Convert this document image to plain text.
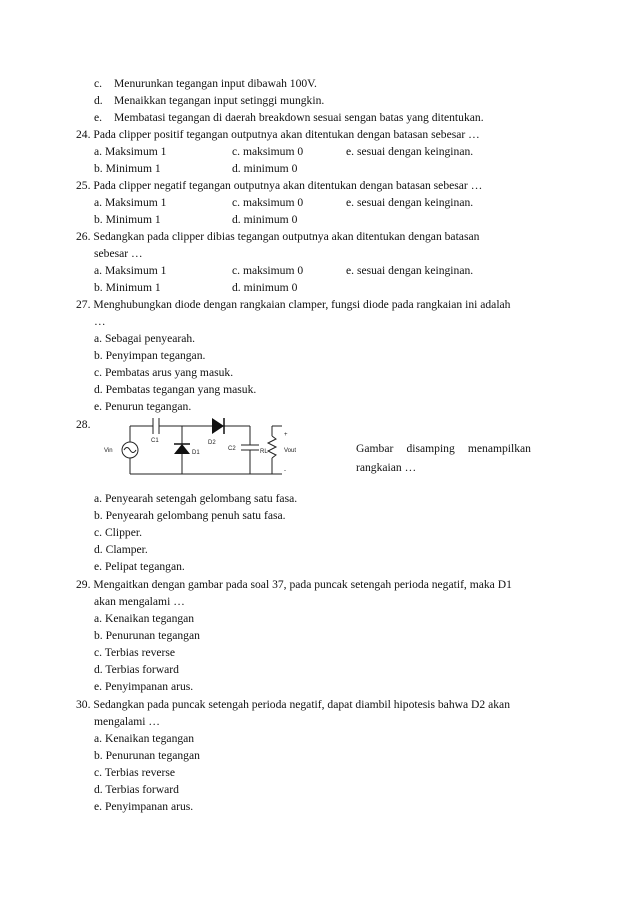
c. Menurunkan tegangan input dibawah 100V.
d. Menaikkan tegangan input setinggi mungkin.
e. Membatasi tegangan di daerah breakdown sesuai sengan batas yang ditentukan.
24. Pada clipper positif tegangan outputnya akan ditentukan dengan batasan sebesar …
a. Maksimum 1	c. maksimum 0	e. sesuai dengan keinginan.
b. Minimum 1	d. minimum 0
25. Pada clipper negatif tegangan outputnya akan ditentukan dengan batasan sebesar …
a. Maksimum 1	c. maksimum 0	e. sesuai dengan keinginan.
b. Minimum 1	d. minimum 0
26. Sedangkan pada clipper dibias tegangan outputnya akan ditentukan dengan batasan
sebesar …
a. Maksimum 1	c. maksimum 0	e. sesuai dengan keinginan.
b. Minimum 1	d. minimum 0
27. Menghubungkan diode dengan rangkaian clamper, fungsi diode pada rangkaian ini adalah
…
a. Sebagai penyearah.
b. Penyimpan tegangan.
c. Pembatas arus yang masuk.
d. Pembatas tegangan yang masuk.
e. Penurun tegangan.
28.
Vin
C1
D1
D2
C2	RL	Vout
+
-
Gambar disamping menampilkan
rangkaian …
a. Penyearah setengah gelombang satu fasa.
b. Penyearah gelombang penuh satu fasa.
c. Clipper.
d. Clamper.
e. Pelipat tegangan.
29. Mengaitkan dengan gambar pada soal 37, pada puncak setengah perioda negatif, maka D1
akan mengalami …
a. Kenaikan tegangan
b. Penurunan tegangan
c. Terbias reverse
d. Terbias forward
e. Penyimpanan arus.
30. Sedangkan pada puncak setengah perioda negatif, dapat diambil hipotesis bahwa D2 akan
mengalami …
a. Kenaikan tegangan
b. Penurunan tegangan
c. Terbias reverse
d. Terbias forward
e. Penyimpanan arus.
